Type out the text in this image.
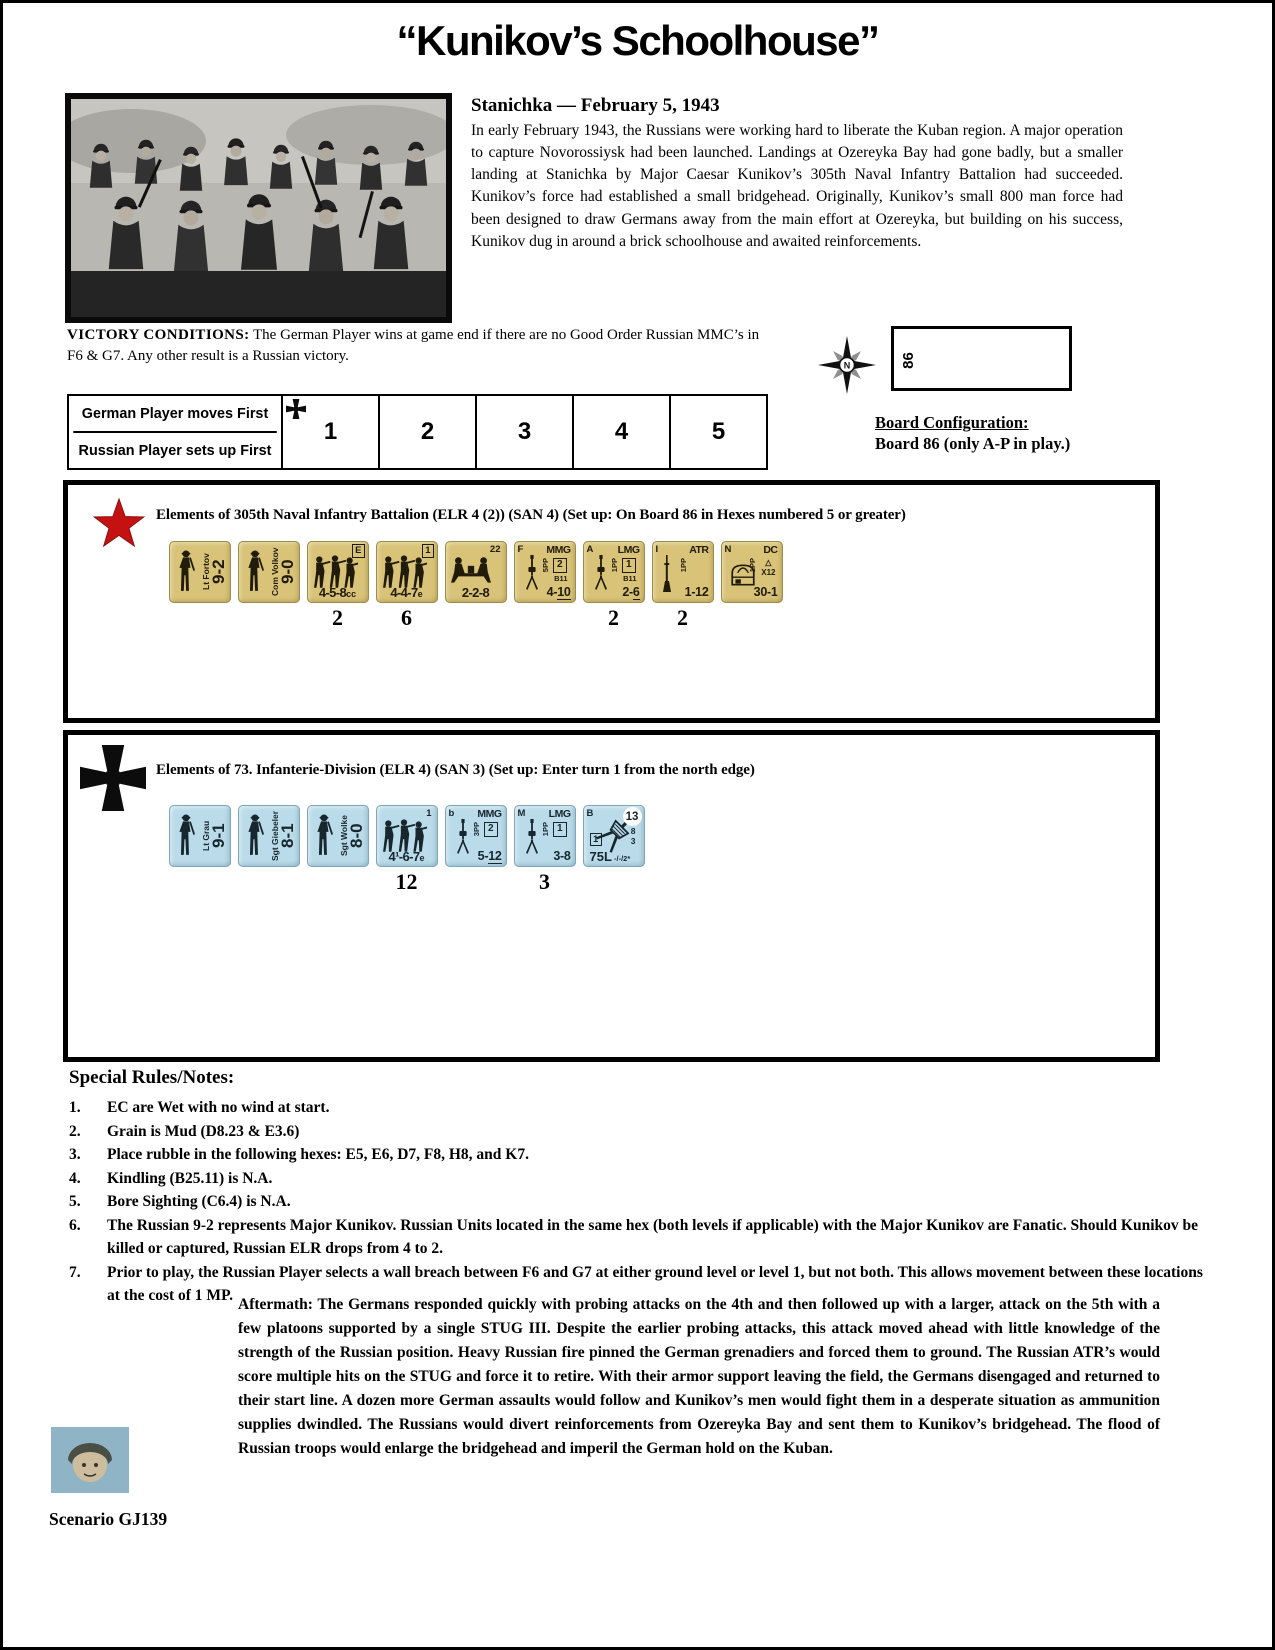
“Kunikov’s Schoolhouse”
Stanichka — February 5, 1943

In early February 1943, the Russians were working hard to liberate the Kuban region. A major operation to capture Novorossiysk had been launched. Landings at Ozereyka Bay had gone badly, but a smaller landing at Stanichka by Major Caesar Kunikov’s 305th Naval Infantry Battalion had succeeded. Kunikov’s force had established a small bridgehead. Originally, Kunikov’s small 800 man force had been designed to draw Germans away from the main effort at Ozereyka, but building on his success, Kunikov dug in around a brick schoolhouse and awaited reinforcements.

VICTORY CONDITIONS: The German Player wins at game end if there are no Good Order Russian MMC’s in F6 & G7. Any other result is a Russian victory.
German Player moves First
Russian Player sets up First
1	2	3	4	5
N	86
Board Configuration:
Board 86 (only A-P in play.)
Elements of 305th Naval Infantry Battalion (ELR 4 (2)) (SAN 4) (Set up: On Board 86 in Hexes numbered 5 or greater)
Lt Fortov
9-2	Com Volkov
9-0
E
4-5-8cc
2
1
4-4-7e
6
22
2-2-8
F MMG
5PP 2
B11
4-10
A LMG
1PP 1
B11
2-6
2
I	ATR
1PP
1-12
2
N	DC
1PP	△
X12
30-1
Elements of 73. Infanterie-Division (ELR 4) (SAN 3) (Set up: Enter turn 1 from the north edge)
Lt Grau
9-1	Sgt Giebeler
8-1	Sgt Wolke
8-0
1
4¹-6-7e
12
b MMG
3PP 2
5-12
M LMG
1PP 1
3-8
3
B	13
8
3
1
75L -/-/2*
Special Rules/Notes:
1.	EC are Wet with no wind at start.
2.	Grain is Mud (D8.23 & E3.6)
3.	Place rubble in the following hexes: E5, E6, D7, F8, H8, and K7.
4.	Kindling (B25.11) is N.A.
5.	Bore Sighting (C6.4) is N.A.
6.	The Russian 9-2 represents Major Kunikov. Russian Units located in the same hex (both levels if applicable) with the Major Kunikov are Fanatic. Should Kunikov be killed or captured, Russian ELR drops from 4 to 2.
7.	Prior to play, the Russian Player selects a wall breach between F6 and G7 at either ground level or level 1, but not both. This allows movement between these locations at the cost of 1 MP.
Aftermath: The Germans responded quickly with probing attacks on the 4th and then followed up with a larger, attack on the 5th with a few platoons supported by a single STUG III. Despite the earlier probing attacks, this attack moved ahead with little knowledge of the strength of the Russian position. Heavy Russian fire pinned the German grenadiers and forced them to ground. The Russian ATR’s would score multiple hits on the STUG and force it to retire. With their armor support leaving the field, the Germans disengaged and returned to their start line. A dozen more German assaults would follow and Kunikov’s men would fight them in a desperate situation as ammunition supplies dwindled. The Russians would divert reinforcements from Ozereyka Bay and sent them to Kunikov’s bridgehead. The flood of Russian troops would enlarge the bridgehead and imperil the German hold on the Kuban.
Scenario GJ139
